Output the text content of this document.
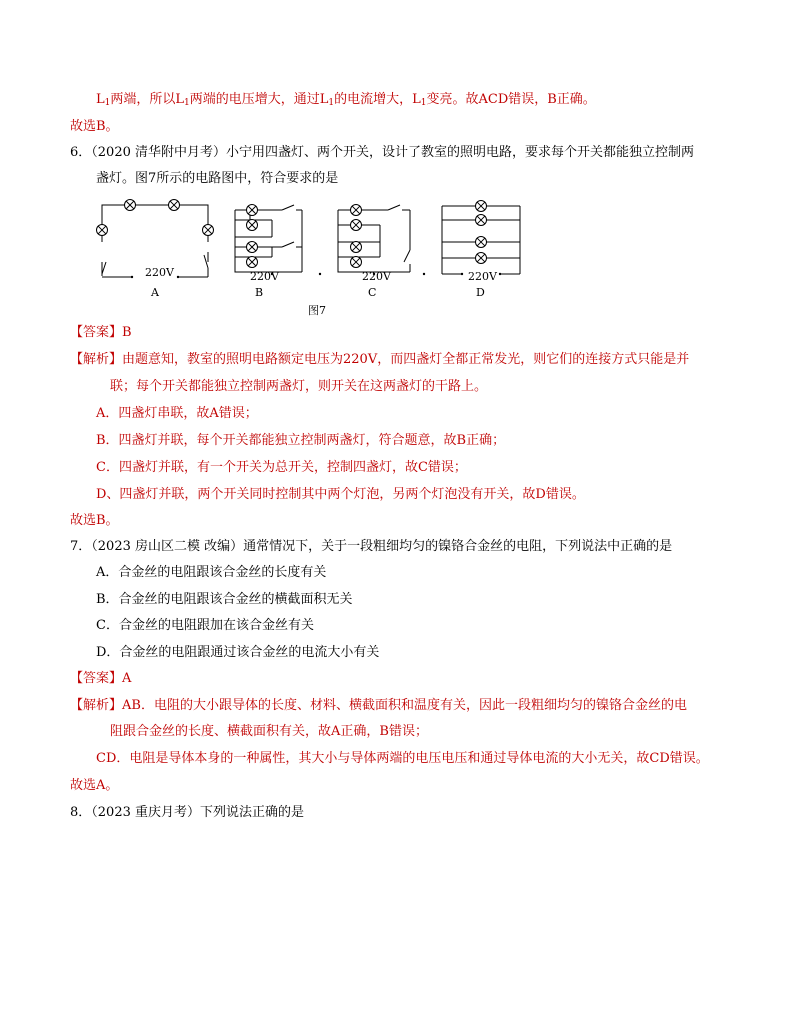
$L_1$两端，所以$L_1$两端的电压增大，通过$L_1$的电流增大，$L_1$变亮。故ACD错误，B正确。
故选B。
6．（2020 清华附中月考）小宁用四盏灯、两个开关，设计了教室的照明电路，要求每个开关都能独立控制两
盏灯。图7所示的电路图中，符合要求的是
220V	220V	220V	220V
A	B	C	D
图7
【答案】B
【解析】由题意知，教室的照明电路额定电压为220V，而四盏灯全都正常发光，则它们的连接方式只能是并
联；每个开关都能独立控制两盏灯，则开关在这两盏灯的干路上。
A．四盏灯串联，故A错误；
B．四盏灯并联，每个开关都能独立控制两盏灯，符合题意，故B正确；
C．四盏灯并联，有一个开关为总开关，控制四盏灯，故C错误；
D、四盏灯并联，两个开关同时控制其中两个灯泡，另两个灯泡没有开关，故D错误。
故选B。
7．（2023 房山区二模 改编）通常情况下，关于一段粗细均匀的镍铬合金丝的电阻，下列说法中正确的是
A．合金丝的电阻跟该合金丝的长度有关
B．合金丝的电阻跟该合金丝的横截面积无关
C．合金丝的电阻跟加在该合金丝有关
D．合金丝的电阻跟通过该合金丝的电流大小有关
【答案】A
【解析】AB．电阻的大小跟导体的长度、材料、横截面积和温度有关，因此一段粗细均匀的镍铬合金丝的电
阻跟合金丝的长度、横截面积有关，故A正确，B错误；
CD．电阻是导体本身的一种属性，其大小与导体两端的电压电压和通过导体电流的大小无关，故CD错误。
故选A。
8．（2023 重庆月考）下列说法正确的是
